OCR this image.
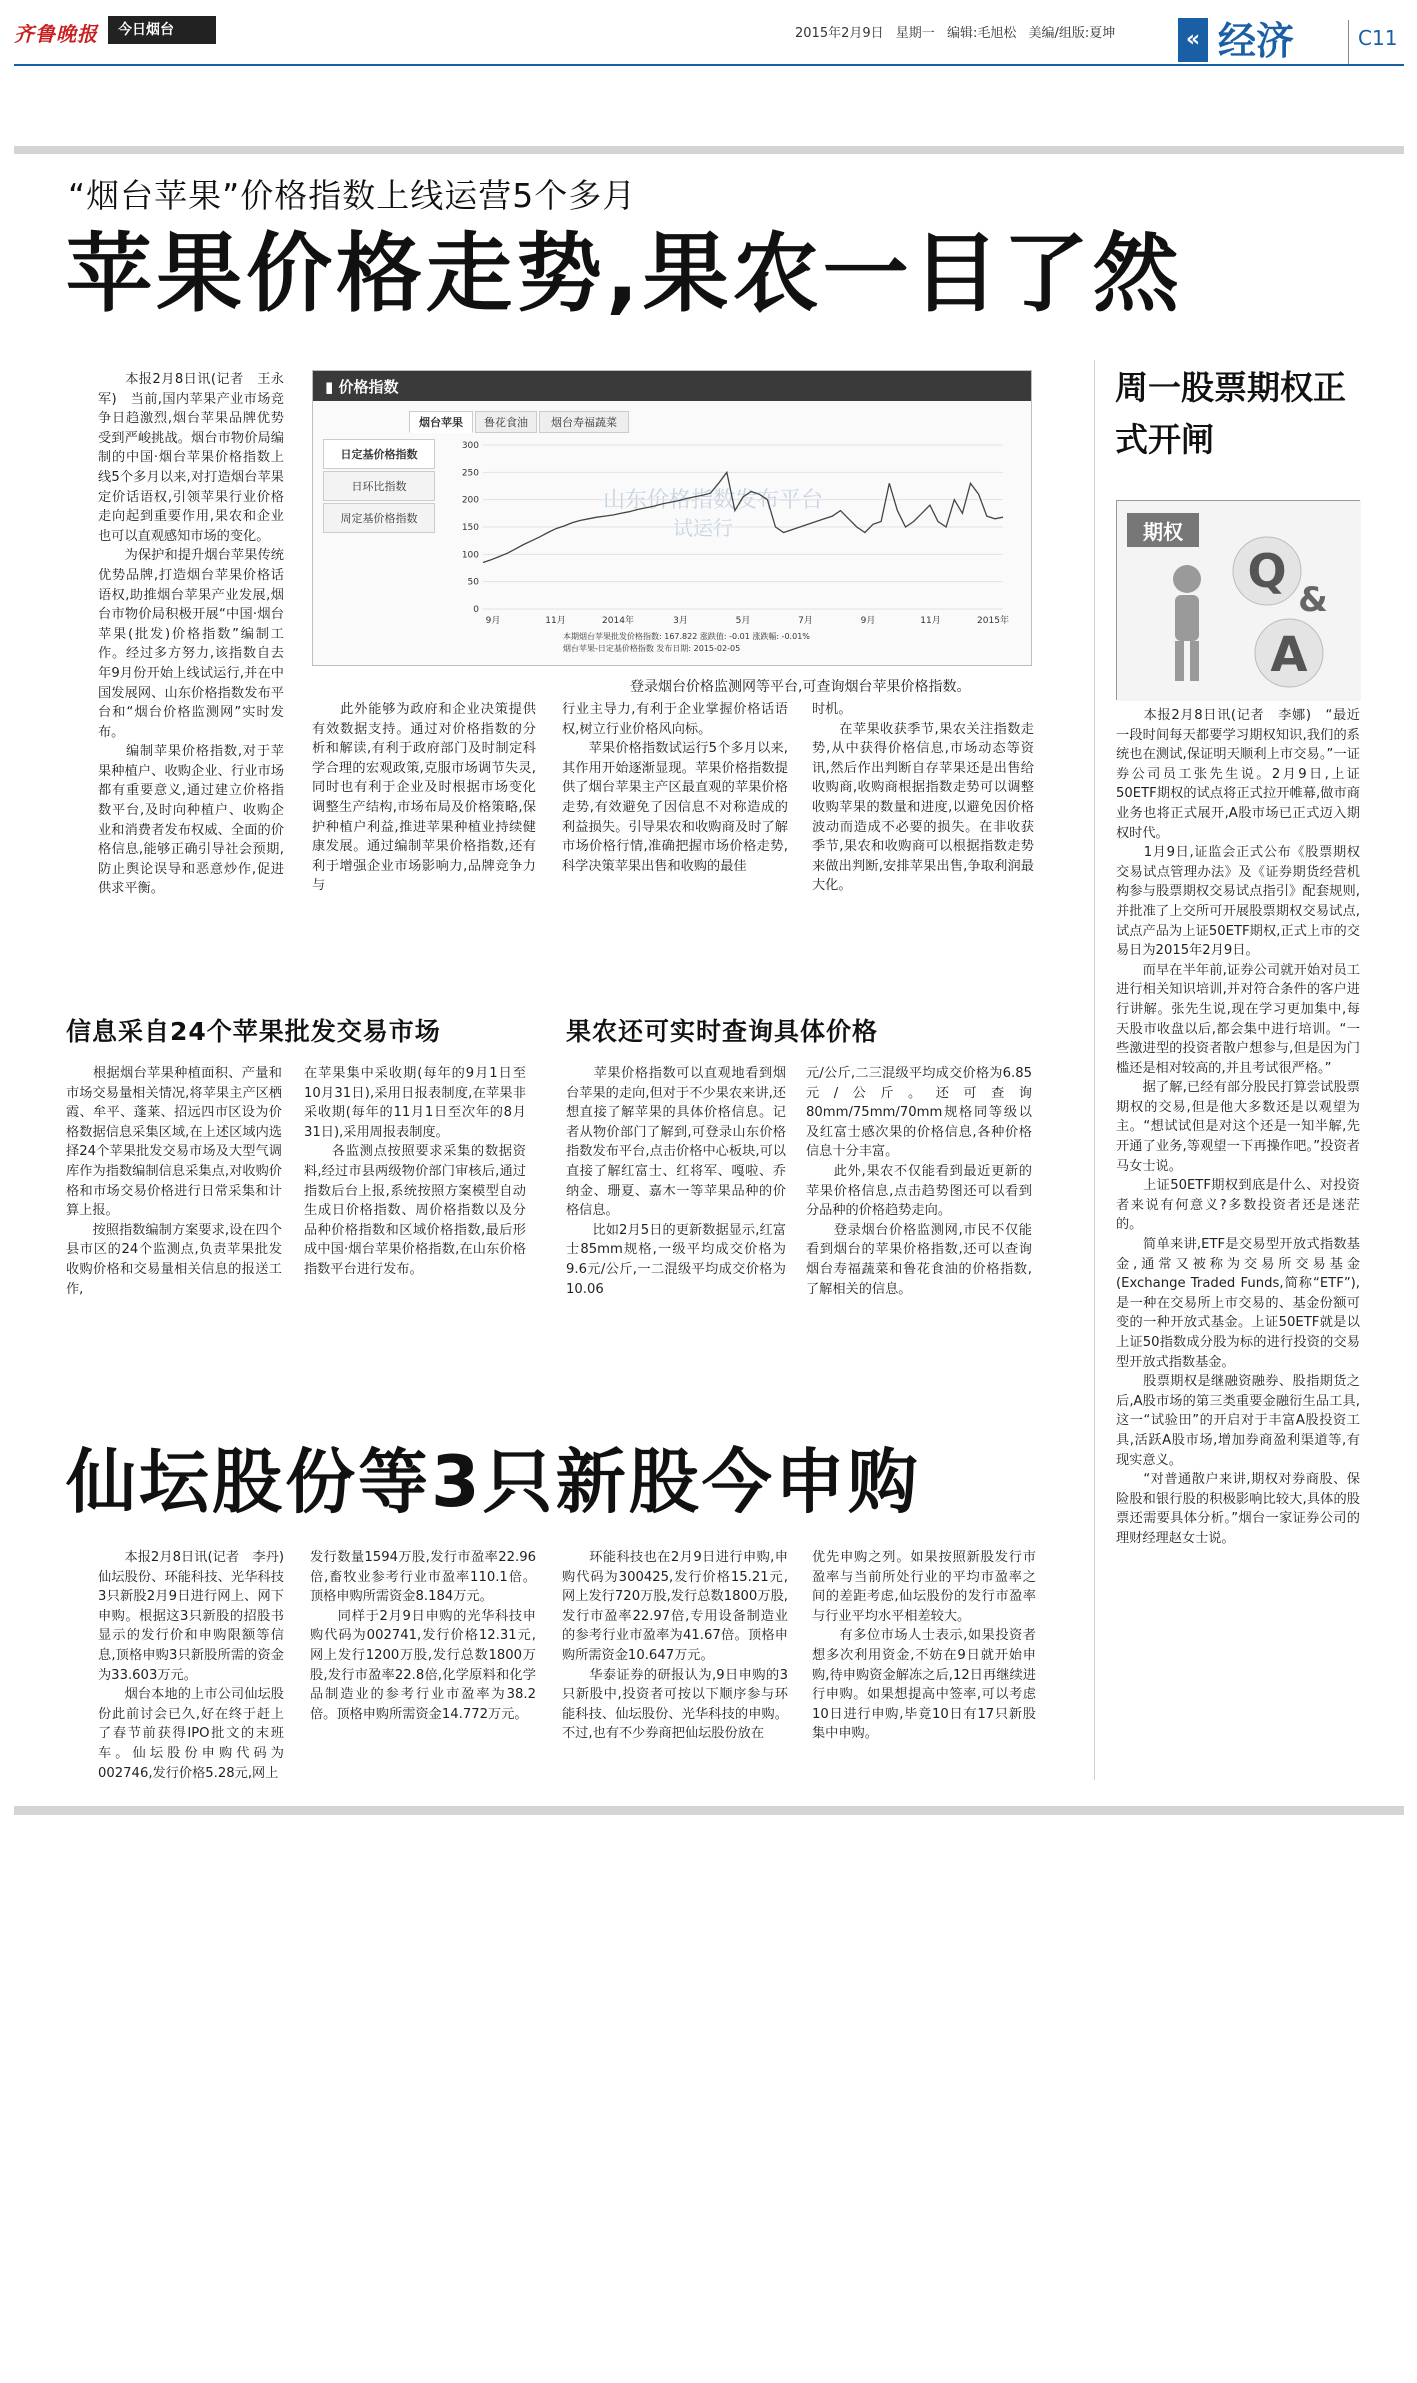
齐鲁晚报	今日烟台	2015年2月9日 星期一 编辑:毛旭松 美编/组版:夏坤	« 经济	C11
“烟台苹果”价格指数上线运营5个多月
苹果价格走势,果农一目了然
　　本报2月8日讯(记者　王永军)　当前,国内苹果产业市场竞争日趋激烈,烟台苹果品牌优势受到严峻挑战。烟台市物价局编制的中国·烟台苹果价格指数上线5个多月以来,对打造烟台苹果定价话语权,引领苹果行业价格走向起到重要作用,果农和企业也可以直观感知市场的变化。
　　为保护和提升烟台苹果传统优势品牌,打造烟台苹果价格话语权,助推烟台苹果产业发展,烟台市物价局积极开展“中国·烟台苹果(批发)价格指数”编制工作。经过多方努力,该指数自去年9月份开始上线试运行,并在中国发展网、山东价格指数发布平台和“烟台价格监测网”实时发布。
　　编制苹果价格指数,对于苹果种植户、收购企业、行业市场都有重要意义,通过建立价格指数平台,及时向种植户、收购企业和消费者发布权威、全面的价格信息,能够正确引导社会预期,防止舆论误导和恶意炒作,促进供求平衡。
▮ 价格指数
烟台苹果	鲁花食油	烟台寿福蔬菜
日定基价格指数
日环比指数
周定基价格指数
山东价格指数发布平台
试运行
0
50
100
150
200
250
300
9月	11月	2014年	3月	5月	7月	9月	11月	2015年
本期烟台苹果批发价格指数: 167.822 涨跌值: -0.01 涨跌幅: -0.01%
烟台苹果-日定基价格指数 发布日期: 2015-02-05
登录烟台价格监测网等平台,可查询烟台苹果价格指数。
　　此外能够为政府和企业决策提供有效数据支持。通过对价格指数的分析和解读,有利于政府部门及时制定科学合理的宏观政策,克服市场调节失灵,同时也有利于企业及时根据市场变化调整生产结构,市场布局及价格策略,保护种植户利益,推进苹果种植业持续健康发展。通过编制苹果价格指数,还有利于增强企业市场影响力,品牌竞争力与
行业主导力,有利于企业掌握价格话语权,树立行业价格风向标。
　　苹果价格指数试运行5个多月以来,其作用开始逐渐显现。苹果价格指数提供了烟台苹果主产区最直观的苹果价格走势,有效避免了因信息不对称造成的利益损失。引导果农和收购商及时了解市场价格行情,准确把握市场价格走势,科学决策苹果出售和收购的最佳
时机。
　　在苹果收获季节,果农关注指数走势,从中获得价格信息,市场动态等资讯,然后作出判断自存苹果还是出售给收购商,收购商根据指数走势可以调整收购苹果的数量和进度,以避免因价格波动而造成不必要的损失。在非收获季节,果农和收购商可以根据指数走势来做出判断,安排苹果出售,争取利润最大化。
信息采自24个苹果批发交易市场
　　根据烟台苹果种植面积、产量和市场交易量相关情况,将苹果主产区栖霞、牟平、蓬莱、招远四市区设为价格数据信息采集区域,在上述区域内选择24个苹果批发交易市场及大型气调库作为指数编制信息采集点,对收购价格和市场交易价格进行日常采集和计算上报。
　　按照指数编制方案要求,设在四个县市区的24个监测点,负责苹果批发收购价格和交易量相关信息的报送工作,
在苹果集中采收期(每年的9月1日至10月31日),采用日报表制度,在苹果非采收期(每年的11月1日至次年的8月31日),采用周报表制度。
　　各监测点按照要求采集的数据资料,经过市县两级物价部门审核后,通过指数后台上报,系统按照方案模型自动生成日价格指数、周价格指数以及分品种价格指数和区域价格指数,最后形成中国·烟台苹果价格指数,在山东价格指数平台进行发布。
果农还可实时查询具体价格
　　苹果价格指数可以直观地看到烟台苹果的走向,但对于不少果农来讲,还想直接了解苹果的具体价格信息。记者从物价部门了解到,可登录山东价格指数发布平台,点击价格中心板块,可以直接了解红富士、红将军、嘎啦、乔纳金、珊夏、嘉木一等苹果品种的价格信息。
　　比如2月5日的更新数据显示,红富士85mm规格,一级平均成交价格为9.6元/公斤,一二混级平均成交价格为10.06
元/公斤,二三混级平均成交价格为6.85元/公斤。还可查询80mm/75mm/70mm规格同等级以及红富士感次果的价格信息,各种价格信息十分丰富。
　　此外,果农不仅能看到最近更新的苹果价格信息,点击趋势图还可以看到分品种的价格趋势走向。
　　登录烟台价格监测网,市民不仅能看到烟台的苹果价格指数,还可以查询烟台寿福蔬菜和鲁花食油的价格指数,了解相关的信息。
周一股票期权正式开闸
期权
Q
&
A
　　本报2月8日讯(记者　李娜)　“最近一段时间每天都要学习期权知识,我们的系统也在测试,保证明天顺利上市交易。”一证券公司员工张先生说。2月9日,上证50ETF期权的试点将正式拉开帷幕,做市商业务也将正式展开,A股市场已正式迈入期权时代。
　　1月9日,证监会正式公布《股票期权交易试点管理办法》及《证券期货经营机构参与股票期权交易试点指引》配套规则,并批准了上交所可开展股票期权交易试点,试点产品为上证50ETF期权,正式上市的交易日为2015年2月9日。
　　而早在半年前,证券公司就开始对员工进行相关知识培训,并对符合条件的客户进行讲解。张先生说,现在学习更加集中,每天股市收盘以后,都会集中进行培训。“一些激进型的投资者散户想参与,但是因为门槛还是相对较高的,并且考试很严格。”
　　据了解,已经有部分股民打算尝试股票期权的交易,但是他大多数还是以观望为主。“想试试但是对这个还是一知半解,先开通了业务,等观望一下再操作吧。”投资者马女士说。
　　上证50ETF期权到底是什么、对投资者来说有何意义?多数投资者还是迷茫的。
　　简单来讲,ETF是交易型开放式指数基金,通常又被称为交易所交易基金(Exchange Traded Funds,简称“ETF”),是一种在交易所上市交易的、基金份额可变的一种开放式基金。上证50ETF就是以上证50指数成分股为标的进行投资的交易型开放式指数基金。
　　股票期权是继融资融券、股指期货之后,A股市场的第三类重要金融衍生品工具,这一“试验田”的开启对于丰富A股投资工具,活跃A股市场,增加券商盈利渠道等,有现实意义。
　　“对普通散户来讲,期权对券商股、保险股和银行股的积极影响比较大,具体的股票还需要具体分析。”烟台一家证券公司的理财经理赵女士说。
仙坛股份等3只新股今申购
　　本报2月8日讯(记者　李丹)　仙坛股份、环能科技、光华科技3只新股2月9日进行网上、网下申购。根据这3只新股的招股书显示的发行价和申购限额等信息,顶格申购3只新股所需的资金为33.603万元。
　　烟台本地的上市公司仙坛股份此前讨会已久,好在终于赶上了春节前获得IPO批文的末班车。仙坛股份申购代码为002746,发行价格5.28元,网上
发行数量1594万股,发行市盈率22.96倍,畜牧业参考行业市盈率110.1倍。顶格申购所需资金8.184万元。
　　同样于2月9日申购的光华科技申购代码为002741,发行价格12.31元,网上发行1200万股,发行总数1800万股,发行市盈率22.8倍,化学原料和化学品制造业的参考行业市盈率为38.2倍。顶格申购所需资金14.772万元。
　　环能科技也在2月9日进行申购,申购代码为300425,发行价格15.21元,网上发行720万股,发行总数1800万股,发行市盈率22.97倍,专用设备制造业的参考行业市盈率为41.67倍。顶格申购所需资金10.647万元。
　　华泰证券的研报认为,9日申购的3只新股中,投资者可按以下顺序参与环能科技、仙坛股份、光华科技的申购。不过,也有不少券商把仙坛股份放在
优先申购之列。如果按照新股发行市盈率与当前所处行业的平均市盈率之间的差距考虑,仙坛股份的发行市盈率与行业平均水平相差较大。
　　有多位市场人士表示,如果投资者想多次利用资金,不妨在9日就开始申购,待申购资金解冻之后,12日再继续进行申购。如果想提高中签率,可以考虑10日进行申购,毕竟10日有17只新股集中申购。
